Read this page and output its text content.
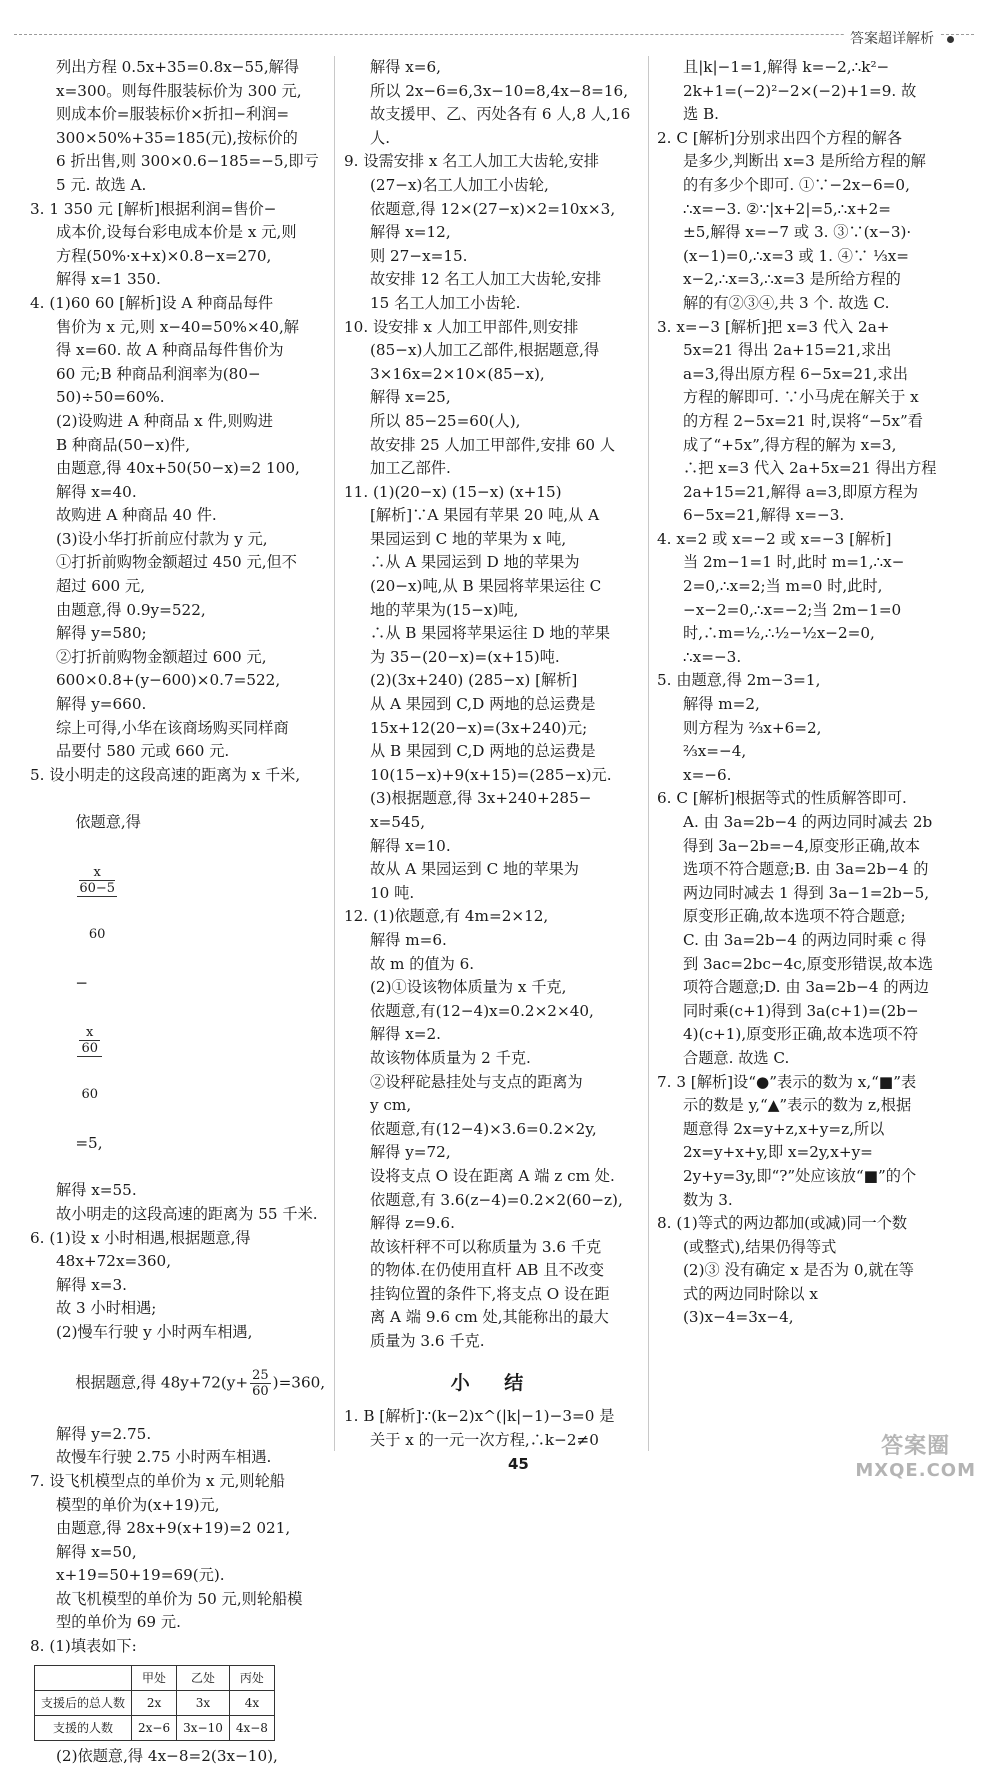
答案超详解析

列出方程 0.5x+35=0.8x−55,解得

x=300。则每件服装标价为 300 元,

则成本价=服装标价×折扣−利润=

300×50%+35=185(元),按标价的

6 折出售,则 300×0.6−185=−5,即亏

5 元. 故选 A.

3. 1 350 元 [解析]根据利润=售价−

成本价,设每台彩电成本价是 x 元,则

方程(50%·x+x)×0.8−x=270,

解得 x=1 350.

4. (1)60 60 [解析]设 A 种商品每件

售价为 x 元,则 x−40=50%×40,解

得 x=60. 故 A 种商品每件售价为

60 元;B 种商品利润率为(80−

50)÷50=60%.

(2)设购进 A 种商品 x 件,则购进

B 种商品(50−x)件,

由题意,得 40x+50(50−x)=2 100,

解得 x=40.

故购进 A 种商品 40 件.

(3)设小华打折前应付款为 y 元,

①打折前购物金额超过 450 元,但不

超过 600 元,

由题意,得 0.9y=522,

解得 y=580;

②打折前购物金额超过 600 元,

600×0.8+(y−600)×0.7=522,

解得 y=660.

综上可得,小华在该商场购买同样商

品要付 580 元或 660 元.

5. 设小明走的这段高速的距离为 x 千米,

依题意,得

x
60−5

60

−

x
60

60

=5,

解得 x=55.

故小明走的这段高速的距离为 55 千米.

6. (1)设 x 小时相遇,根据题意,得

48x+72x=360,

解得 x=3.

故 3 小时相遇;

(2)慢车行驶 y 小时两车相遇,

根据题意,得 $48y+72(y+ \frac{25}{60} )=360$,

解得 y=2.75.

故慢车行驶 2.75 小时两车相遇.

7. 设飞机模型点的单价为 x 元,则轮船

模型的单价为(x+19)元,

由题意,得 28x+9(x+19)=2 021,

解得 x=50,

x+19=50+19=69(元).

故飞机模型的单价为 50 元,则轮船模

型的单价为 69 元.

8. (1)填表如下:

	甲处	乙处	丙处
支援后的总人数	2x	3x	4x
支援的人数	2x−6	3x−10	4x−8

(2)依题意,得 4x−8=2(3x−10),

解得 x=6,

所以 2x−6=6,3x−10=8,4x−8=16,

故支援甲、乙、丙处各有 6 人,8 人,16 人.

9. 设需安排 x 名工人加工大齿轮,安排

(27−x)名工人加工小齿轮,

依题意,得 12×(27−x)×2=10x×3,

解得 x=12,

则 27−x=15.

故安排 12 名工人加工大齿轮,安排

15 名工人加工小齿轮.

10. 设安排 x 人加工甲部件,则安排

(85−x)人加工乙部件,根据题意,得

3×16x=2×10×(85−x),

解得 x=25,

所以 85−25=60(人),

故安排 25 人加工甲部件,安排 60 人

加工乙部件.

11. (1)(20−x) (15−x) (x+15)

[解析]∵A 果园有苹果 20 吨,从 A

果园运到 C 地的苹果为 x 吨,

∴从 A 果园运到 D 地的苹果为

(20−x)吨,从 B 果园将苹果运往 C

地的苹果为(15−x)吨,

∴从 B 果园将苹果运往 D 地的苹果

为 35−(20−x)=(x+15)吨.

(2)(3x+240) (285−x) [解析]

从 A 果园到 C,D 两地的总运费是

15x+12(20−x)=(3x+240)元;

从 B 果园到 C,D 两地的总运费是

10(15−x)+9(x+15)=(285−x)元.

(3)根据题意,得 3x+240+285−

x=545,

解得 x=10.

故从 A 果园运到 C 地的苹果为

10 吨.

12. (1)依题意,有 4m=2×12,

解得 m=6.

故 m 的值为 6.

(2)①设该物体质量为 x 千克,

依题意,有(12−4)x=0.2×2×40,

解得 x=2.

故该物体质量为 2 千克.

②设秤砣悬挂处与支点的距离为

y cm,

依题意,有(12−4)×3.6=0.2×2y,

解得 y=72,

设将支点 O 设在距离 A 端 z cm 处.

依题意,有 3.6(z−4)=0.2×2(60−z),

解得 z=9.6.

故该杆秤不可以称质量为 3.6 千克

的物体.在仍使用直杆 AB 且不改变

挂钩位置的条件下,将支点 O 设在距

离 A 端 9.6 cm 处,其能称出的最大

质量为 3.6 千克.

小 结

1. B [解析]∵(k−2)x^(|k|−1)−3=0 是

关于 x 的一元一次方程,∴k−2≠0

且|k|−1=1,解得 k=−2,∴k²−

2k+1=(−2)²−2×(−2)+1=9. 故

选 B.

2. C [解析]分别求出四个方程的解各

是多少,判断出 x=3 是所给方程的解

的有多少个即可. ①∵−2x−6=0,

∴x=−3. ②∵|x+2|=5,∴x+2=

±5,解得 x=−7 或 3. ③∵(x−3)·

(x−1)=0,∴x=3 或 1. ④∵ ⅓x=

x−2,∴x=3,∴x=3 是所给方程的

解的有②③④,共 3 个. 故选 C.

3. x=−3 [解析]把 x=3 代入 2a+

5x=21 得出 2a+15=21,求出

a=3,得出原方程 6−5x=21,求出

方程的解即可. ∵小马虎在解关于 x

的方程 2−5x=21 时,误将“−5x”看

成了“+5x”,得方程的解为 x=3,

∴把 x=3 代入 2a+5x=21 得出方程

2a+15=21,解得 a=3,即原方程为

6−5x=21,解得 x=−3.

4. x=2 或 x=−2 或 x=−3 [解析]

当 2m−1=1 时,此时 m=1,∴x−

2=0,∴x=2;当 m=0 时,此时,

−x−2=0,∴x=−2;当 2m−1=0

时,∴m=½,∴½−½x−2=0,

∴x=−3.

5. 由题意,得 2m−3=1,

解得 m=2,

则方程为 ⅔x+6=2,

⅔x=−4,

x=−6.

6. C [解析]根据等式的性质解答即可.

A. 由 3a=2b−4 的两边同时减去 2b

得到 3a−2b=−4,原变形正确,故本

选项不符合题意;B. 由 3a=2b−4 的

两边同时减去 1 得到 3a−1=2b−5,

原变形正确,故本选项不符合题意;

C. 由 3a=2b−4 的两边同时乘 c 得

到 3ac=2bc−4c,原变形错误,故本选

项符合题意;D. 由 3a=2b−4 的两边

同时乘(c+1)得到 3a(c+1)=(2b−

4)(c+1),原变形正确,故本选项不符

合题意. 故选 C.

7. 3 [解析]设“●”表示的数为 x,“■”表

示的数是 y,“▲”表示的数为 z,根据

题意得 2x=y+z,x+y=z,所以

2x=y+x+y,即 x=2y,x+y=

2y+y=3y,即“?”处应该放“■”的个

数为 3.

8. (1)等式的两边都加(或减)同一个数

(或整式),结果仍得等式

(2)③ 没有确定 x 是否为 0,就在等

式的两边同时除以 x

(3)x−4=3x−4,

45
答案圈
MXQE.COM
